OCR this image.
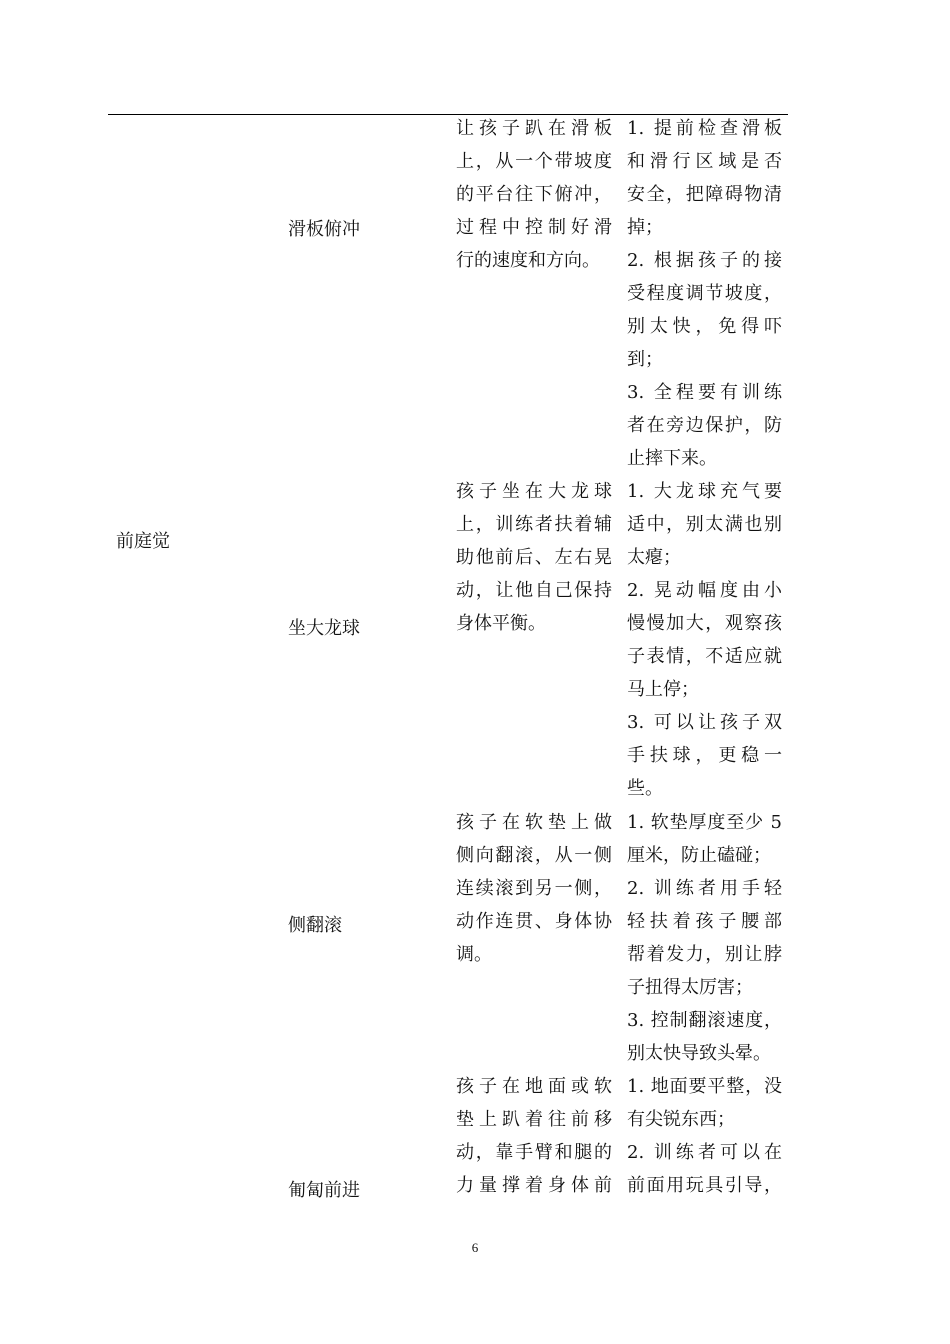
前庭觉
滑板俯冲
让孩子趴在滑板
上，从一个带坡度
的平台往下俯冲，
过程中控制好滑
行的速度和方向。
1. 提前检查滑板
和滑行区域是否
安全，把障碍物清
掉；
2. 根据孩子的接
受程度调节坡度，
别太快，免得吓
到；
3. 全程要有训练
者在旁边保护，防
止摔下来。
坐大龙球
孩子坐在大龙球
上，训练者扶着辅
助他前后、左右晃
动，让他自己保持
身体平衡。
1. 大龙球充气要
适中，别太满也别
太瘪；
2. 晃动幅度由小
慢慢加大，观察孩
子表情，不适应就
马上停；
3. 可以让孩子双
手扶球，更稳一
些。
侧翻滚
孩子在软垫上做
侧向翻滚，从一侧
连续滚到另一侧，
动作连贯、身体协
调。
1. 软垫厚度至少 5
厘米，防止磕碰；
2. 训练者用手轻
轻扶着孩子腰部
帮着发力，别让脖
子扭得太厉害；
3. 控制翻滚速度，
别太快导致头晕。
匍匐前进
孩子在地面或软
垫上趴着往前移
动，靠手臂和腿的
力量撑着身体前
1. 地面要平整，没
有尖锐东西；
2. 训练者可以在
前面用玩具引导，
6
